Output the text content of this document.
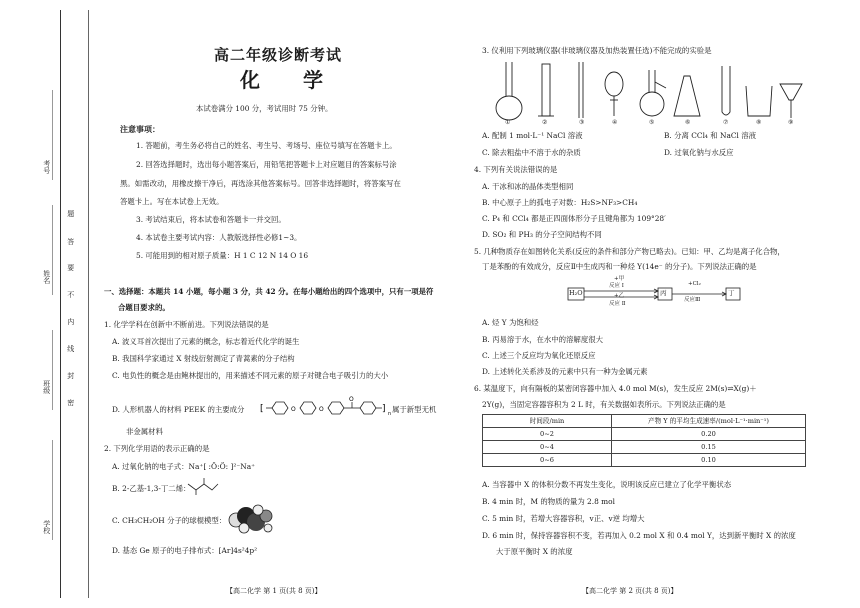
考号
姓名
班级
学校
题
答
要
不
内
线
封
密
高二年级诊断考试
化 学
本试卷满分 100 分，考试用时 75 分钟。
注意事项：
1. 答题前，考生务必将自己的姓名、考生号、考场号、座位号填写在答题卡上。
2. 回答选择题时，选出每小题答案后，用铅笔把答题卡上对应题目的答案标号涂
黑。如需改动，用橡皮擦干净后，再选涂其他答案标号。回答非选择题时，将答案写在
答题卡上。写在本试卷上无效。
3. 考试结束后，将本试卷和答题卡一并交回。
4. 本试卷主要考试内容：人教版选择性必修1~3。
5. 可能用到的相对原子质量：H 1 C 12 N 14 O 16
一、选择题：本题共 14 小题，每小题 3 分，共 42 分。在每小题给出的四个选项中，只有一项是符
合题目要求的。
1. 化学学科在创新中不断前进。下列说法错误的是
A. 波义耳首次提出了元素的概念，标志着近代化学的诞生
B. 我国科学家通过 X 射线衍射测定了青蒿素的分子结构
C. 电负性的概念是由鲍林提出的，用来描述不同元素的原子对键合电子吸引力的大小
D. 人形机器人的材料 PEEK 的主要成分 [	O	O
O
] n 属于新型无机
非金属材料
2. 下列化学用语的表示正确的是
A. 过氧化钠的电子式：Na⁺[ :Ö:Ö: ]²⁻Na⁺
B. 2-乙基-1,3-丁二烯：
C. CH₃CH₂OH 分子的球棍模型：
D. 基态 Ge 原子的电子排布式：[Ar]4s²4p²
【高二化学 第 1 页(共 8 页)】
3. 仪利用下列玻璃仪器(非玻璃仪器及加热装置任选)不能完成的实验是
①	②	③	④	⑤	⑥	⑦	⑧	⑨
A. 配制 1 mol·L⁻¹ NaCl 溶液	B. 分离 CCl₄ 和 NaCl 溶液
C. 除去粗盐中不溶于水的杂质	D. 过氧化钠与水反应
4. 下列有关说法错误的是
A. 干冰和冰的晶体类型相同
B. 中心原子上的孤电子对数：H₂S>NF₃>CH₄
C. P₄ 和 CCl₄ 都是正四面体形分子且键角都为 109°28′
D. SO₂ 和 PH₃ 的分子空间结构不同
5. 几种物质存在如图转化关系(反应的条件和部分产物已略去)。已知：甲、乙均是离子化合物，
丁是苯酚的有效成分，反应Ⅱ中生成丙和一种烃 Y(14e⁻ 的分子)。下列说法正确的是
H₂O	丙	丁
+甲
反应 Ⅰ
+乙
反应 Ⅱ
+Cl₂
反应Ⅲ
A. 烃 Y 为饱和烃
B. 丙易溶于水，在水中的溶解度很大
C. 上述三个反应均为氧化还原反应
D. 上述转化关系涉及的元素中只有一种为金属元素
6. 某温度下，向有隔板的某密闭容器中加入 4.0 mol M(s)，发生反应 2M(s)⇌X(g)＋
2Y(g)，当固定容器容积为 2 L 时，有关数据如表所示。下列说法正确的是
时间段/min	产物 Y 的平均生成速率/(mol·L⁻¹·min⁻¹)
0~2	0.20
0~4	0.15
0~6	0.10
A. 当容器中 X 的体积分数不再发生变化，说明该反应已建立了化学平衡状态
B. 4 min 时，M 的物质的量为 2.8 mol
C. 5 min 时，若增大容器容积，v正、v逆 均增大
D. 6 min 时，保持容器容积不变，若再加入 0.2 mol X 和 0.4 mol Y，达到新平衡时 X 的浓度
大于原平衡时 X 的浓度
【高二化学 第 2 页(共 8 页)】
